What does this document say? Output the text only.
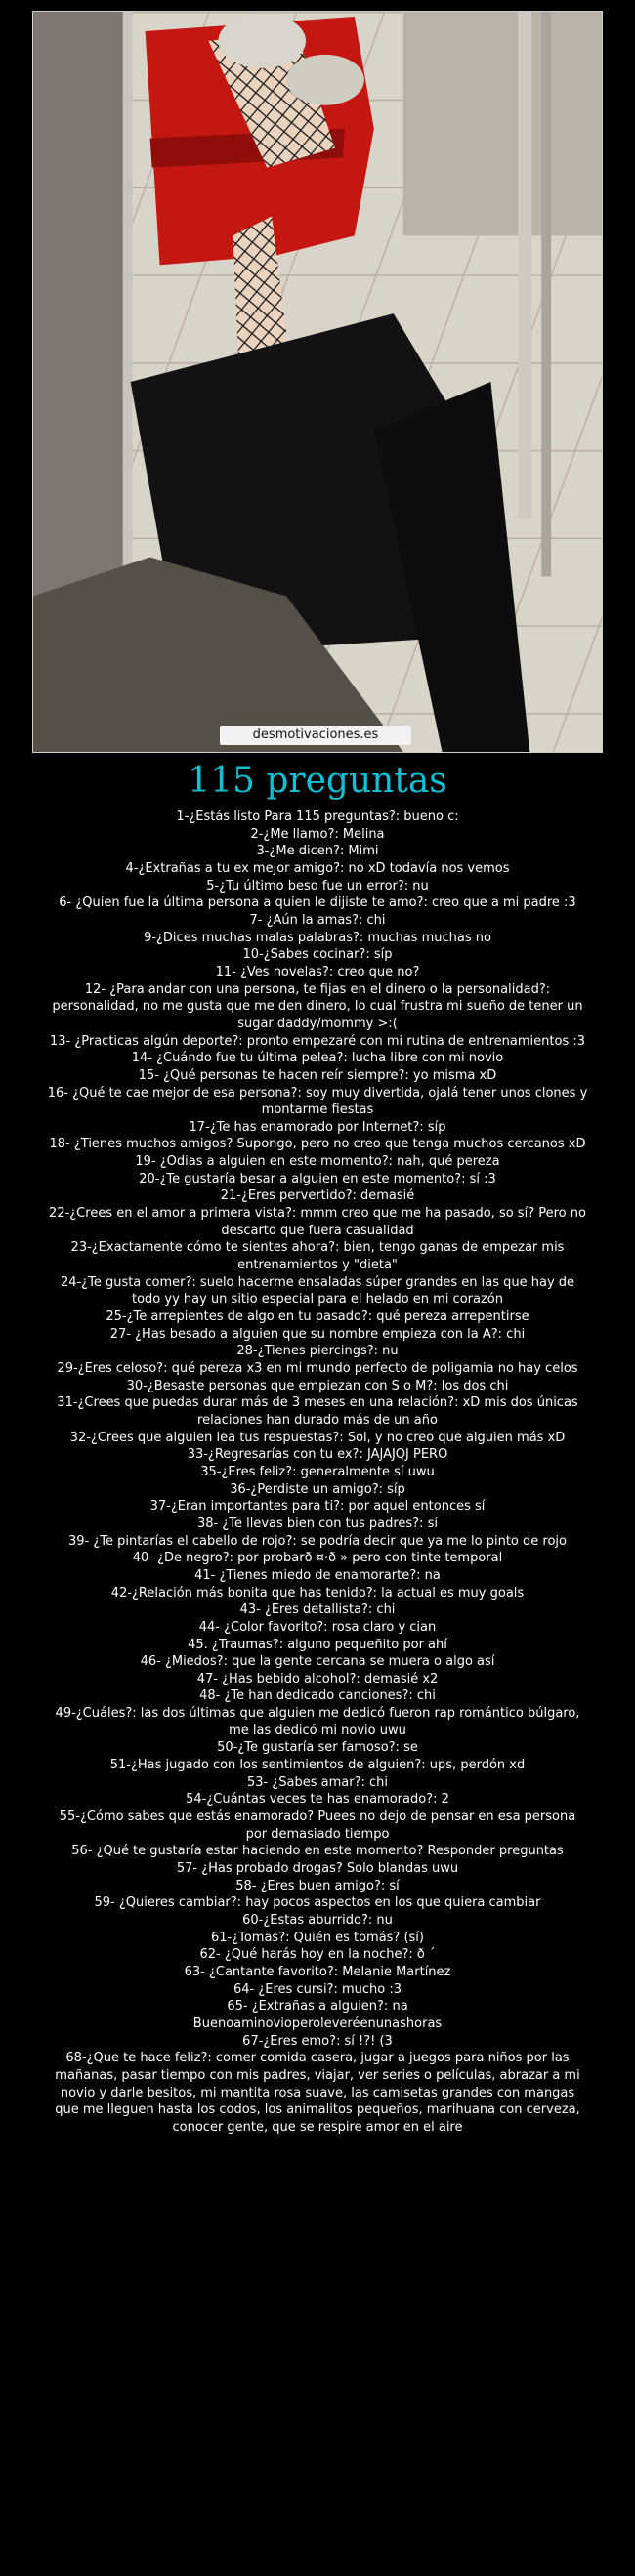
desmotivaciones.es
115 preguntas

1-¿Estás listo Para 115 preguntas?: bueno c:

2-¿Me llamo?: Melina

3-¿Me dicen?: Mimi

4-¿Extrañas a tu ex mejor amigo?: no xD todavía nos vemos

5-¿Tu último beso fue un error?: nu

6- ¿Quien fue la última persona a quien le dijiste te amo?: creo que a mi padre :3

7- ¿Aún la amas?: chi

9-¿Dices muchas malas palabras?: muchas muchas no

10-¿Sabes cocinar?: síp

11- ¿Ves novelas?: creo que no?

12- ¿Para andar con una persona, te fijas en el dinero o la personalidad?: personalidad, no me gusta que me den dinero, lo cual frustra mi sueño de tener un sugar daddy/mommy >:(

13- ¿Practicas algún deporte?: pronto empezaré con mi rutina de entrenamientos :3

14- ¿Cuándo fue tu última pelea?: lucha libre con mi novio

15- ¿Qué personas te hacen reír siempre?: yo misma xD

16- ¿Qué te cae mejor de esa persona?: soy muy divertida, ojalá tener unos clones y montarme fiestas

17-¿Te has enamorado por Internet?: síp

18- ¿Tienes muchos amigos? Supongo, pero no creo que tenga muchos cercanos xD

19- ¿Odias a alguien en este momento?: nah, qué pereza

20-¿Te gustaría besar a alguien en este momento?: sí :3

21-¿Eres pervertido?: demasié

22-¿Crees en el amor a primera vista?: mmm creo que me ha pasado, so sí? Pero no descarto que fuera casualidad

23-¿Exactamente cómo te sientes ahora?: bien, tengo ganas de empezar mis entrenamientos y "dieta"

24-¿Te gusta comer?: suelo hacerme ensaladas súper grandes en las que hay de todo yy hay un sitio especial para el helado en mi corazón

25-¿Te arrepientes de algo en tu pasado?: qué pereza arrepentirse

27- ¿Has besado a alguien que su nombre empieza con la A?: chi

28-¿Tienes piercings?: nu

29-¿Eres celoso?: qué pereza x3 en mi mundo perfecto de poligamia no hay celos

30-¿Besaste personas que empiezan con S o M?: los dos chi

31-¿Crees que puedas durar más de 3 meses en una relación?: xD mis dos únicas relaciones han durado más de un año

32-¿Crees que alguien lea tus respuestas?: Sol, y no creo que alguien más xD

33-¿Regresarías con tu ex?: JAJAJQJ PERO

35-¿Eres feliz?: generalmente sí uwu

36-¿Perdiste un amigo?: síp

37-¿Eran importantes para ti?: por aquel entonces sí

38- ¿Te llevas bien con tus padres?: sí

39- ¿Te pintarías el cabello de rojo?: se podría decir que ya me lo pinto de rojo

40- ¿De negro?: por probarð ¤·ð » pero con tinte temporal

41- ¿Tienes miedo de enamorarte?: na

42-¿Relación más bonita que has tenido?: la actual es muy goals

43- ¿Eres detallista?: chi

44- ¿Color favorito?: rosa claro y cian

45. ¿Traumas?: alguno pequeñito por ahí

46- ¿Miedos?: que la gente cercana se muera o algo así

47- ¿Has bebido alcohol?: demasié x2

48- ¿Te han dedicado canciones?: chi

49-¿Cuáles?: las dos últimas que alguien me dedicó fueron rap romántico búlgaro, me las dedicó mi novio uwu

50-¿Te gustaría ser famoso?: se

51-¿Has jugado con los sentimientos de alguien?: ups, perdón xd

53- ¿Sabes amar?: chi

54-¿Cuántas veces te has enamorado?: 2

55-¿Cómo sabes que estás enamorado? Puees no dejo de pensar en esa persona por demasiado tiempo

56- ¿Qué te gustaría estar haciendo en este momento? Responder preguntas

57- ¿Has probado drogas? Solo blandas uwu

58- ¿Eres buen amigo?: sí

59- ¿Quieres cambiar?: hay pocos aspectos en los que quiera cambiar

60-¿Estas aburrido?: nu

61-¿Tomas?: Quién es tomás? (sí)

62- ¿Qué harás hoy en la noche?: ð ´

63- ¿Cantante favorito?: Melanie Martínez

64- ¿Eres cursi?: mucho :3

65- ¿Extrañas a alguien?: na

Buenoaminovioperoleveréenunashoras

67-¿Eres emo?: sí !?! (3

68-¿Que te hace feliz?: comer comida casera, jugar a juegos para niños por las mañanas, pasar tiempo con mis padres, viajar, ver series o películas, abrazar a mi novio y darle besitos, mi mantita rosa suave, las camisetas grandes con mangas que me lleguen hasta los codos, los animalitos pequeños, marihuana con cerveza, conocer gente, que se respire amor en el aire
